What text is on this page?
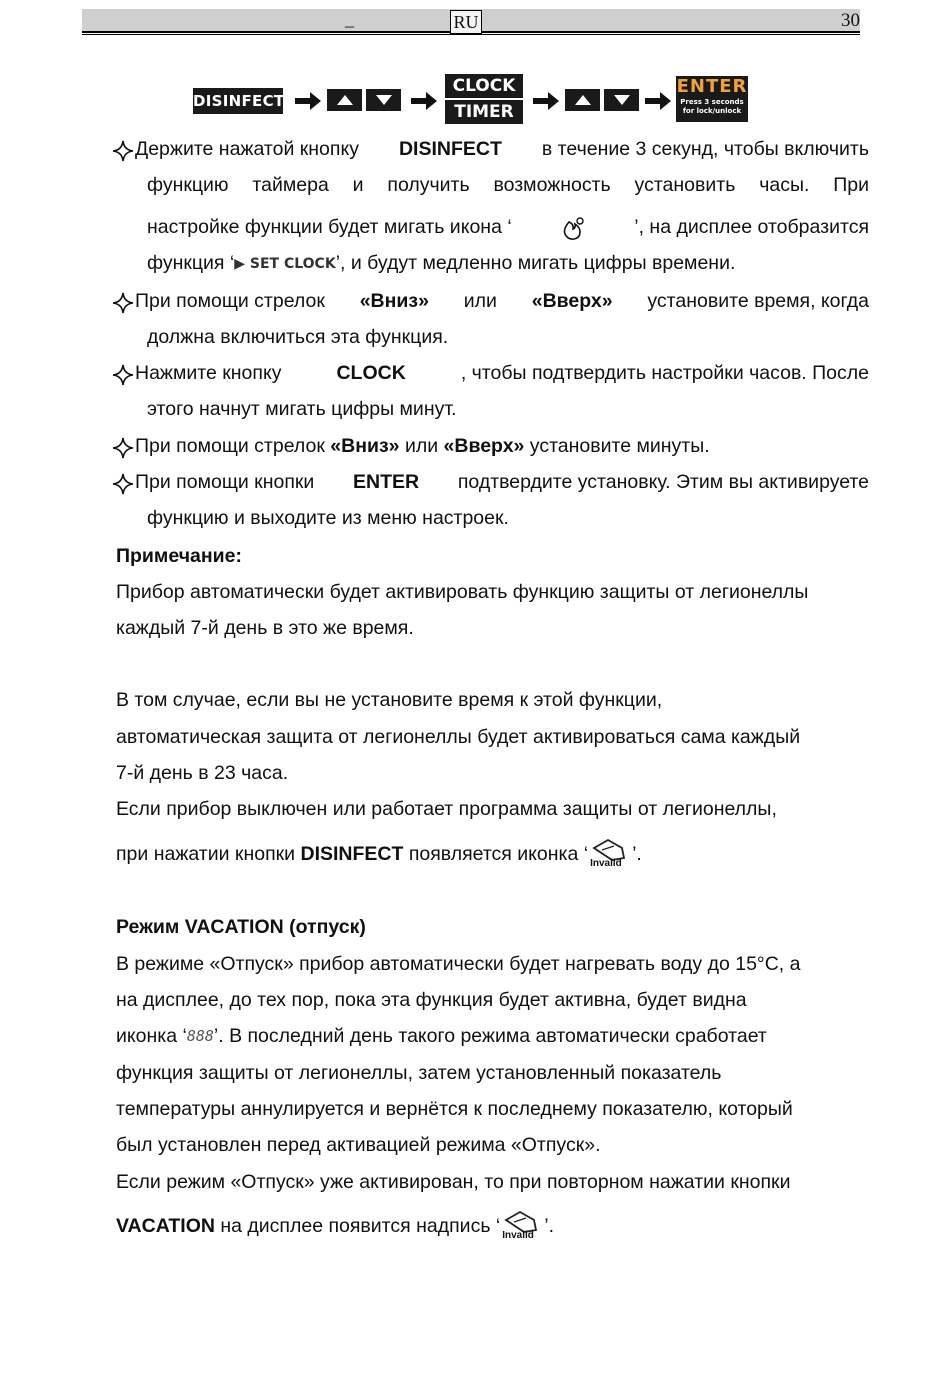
_	RU	30
DISINFECT
CLOCK
TIMER
ENTER
Press 3 seconds
for lock/unlock
Держите нажатой кнопку DISINFECT в течение 3 секунд, чтобы включить
функцию таймера и получить возможность установить часы. При
настройке функции будет мигать икона ‘	’, на дисплее отобразится
функция ‘▶ SET CLOCK’, и будут медленно мигать цифры времени.
При помощи стрелок «Вниз» или «Вверх» установите время, когда
должна включиться эта функция.
Нажмите кнопку	CLOCK	, чтобы подтвердить настройки часов. После
этого начнут мигать цифры минут.
При помощи стрелок «Вниз» или «Вверх» установите минуты.
При помощи кнопки ENTER подтвердите установку. Этим вы активируете
функцию и выходите из меню настроек.
Примечание:
Прибор автоматически будет активировать функцию защиты от легионеллы
каждый 7-й день в это же время.
В том случае, если вы не установите время к этой функции,
автоматическая защита от легионеллы будет активироваться сама каждый
7-й день в 23 часа.
Если прибор выключен или работает программа защиты от легионеллы,
при нажатии кнопки DISINFECT появляется иконка ‘ Invalid ’.
Режим VACATION (отпуск)
В режиме «Отпуск» прибор автоматически будет нагревать воду до 15°C, а
на дисплее, до тех пор, пока эта функция будет активна, будет видна
иконка ‘888’. В последний день такого режима автоматически сработает
функция защиты от легионеллы, затем установленный показатель
температуры аннулируется и вернётся к последнему показателю, который
был установлен перед активацией режима «Отпуск».
Если режим «Отпуск» уже активирован, то при повторном нажатии кнопки
VACATION на дисплее появится надпись ‘ Invalid ’.
